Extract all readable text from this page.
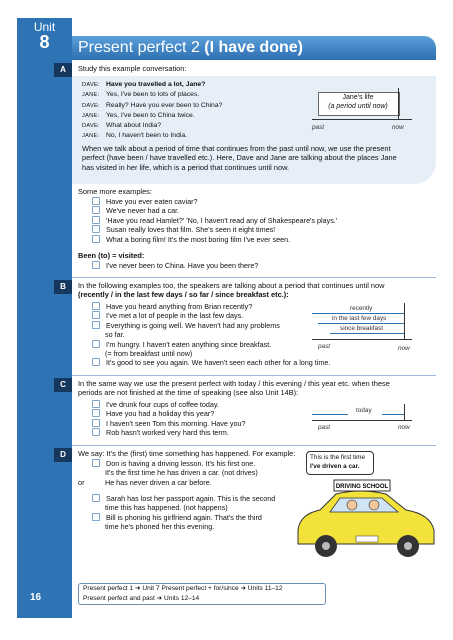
Unit
8	Present perfect 2 (I have done)
A	Study this example conversation:
DAVE: Have you travelled a lot, Jane?
JANE: Yes, I've been to lots of places.
DAVE: Really? Have you ever been to China?
JANE: Yes, I've been to China twice.
DAVE: What about India?
JANE: No, I haven't been to India.
Jane's life
(a period until now)
past	now
When we talk about a period of time that continues from the past until now, we use the present
perfect (have been / have travelled etc.). Here, Dave and Jane are talking about the places Jane
has visited in her life, which is a period that continues until now.
Some more examples:
Have you ever eaten caviar?
We've never had a car.
'Have you read Hamlet?' 'No, I haven't read any of Shakespeare's plays.'
Susan really loves that film. She's seen it eight times!
What a boring film! It's the most boring film I've ever seen.
Been (to) = visited:
I've never been to China. Have you been there?
B	In the following examples too, the speakers are talking about a period that continues until now
(recently / in the last few days / so far / since breakfast etc.):
Have you heard anything from Brian recently?
I've met a lot of people in the last few days.
Everything is going well. We haven't had any problems
so far.
I'm hungry. I haven't eaten anything since breakfast.
(= from breakfast until now)
It's good to see you again. We haven't seen each other for a long time.
recently
in the last few days
since breakfast
past	now
C	In the same way we use the present perfect with today / this evening / this year etc. when these
periods are not finished at the time of speaking (see also Unit 14B):
I've drunk four cups of coffee today.
Have you had a holiday this year?
I haven't seen Tom this morning. Have you?
Rob hasn't worked very hard this term.
today
past	now
D	We say: It's the (first) time something has happened. For example:
Don is having a driving lesson. It's his first one.
It's the first time he has driven a car. (not drives)
He has never driven a car before.
or
Sarah has lost her passport again. This is the second
time this has happened. (not happens)
Bill is phoning his girlfriend again. That's the third
time he's phoned her this evening.
This is the first time
I've driven a car.
DRIVING SCHOOL
16
Present perfect 1 ➜ Unit 7 Present perfect + for/since ➜ Units 11–12
Present perfect and past ➜ Units 12–14
